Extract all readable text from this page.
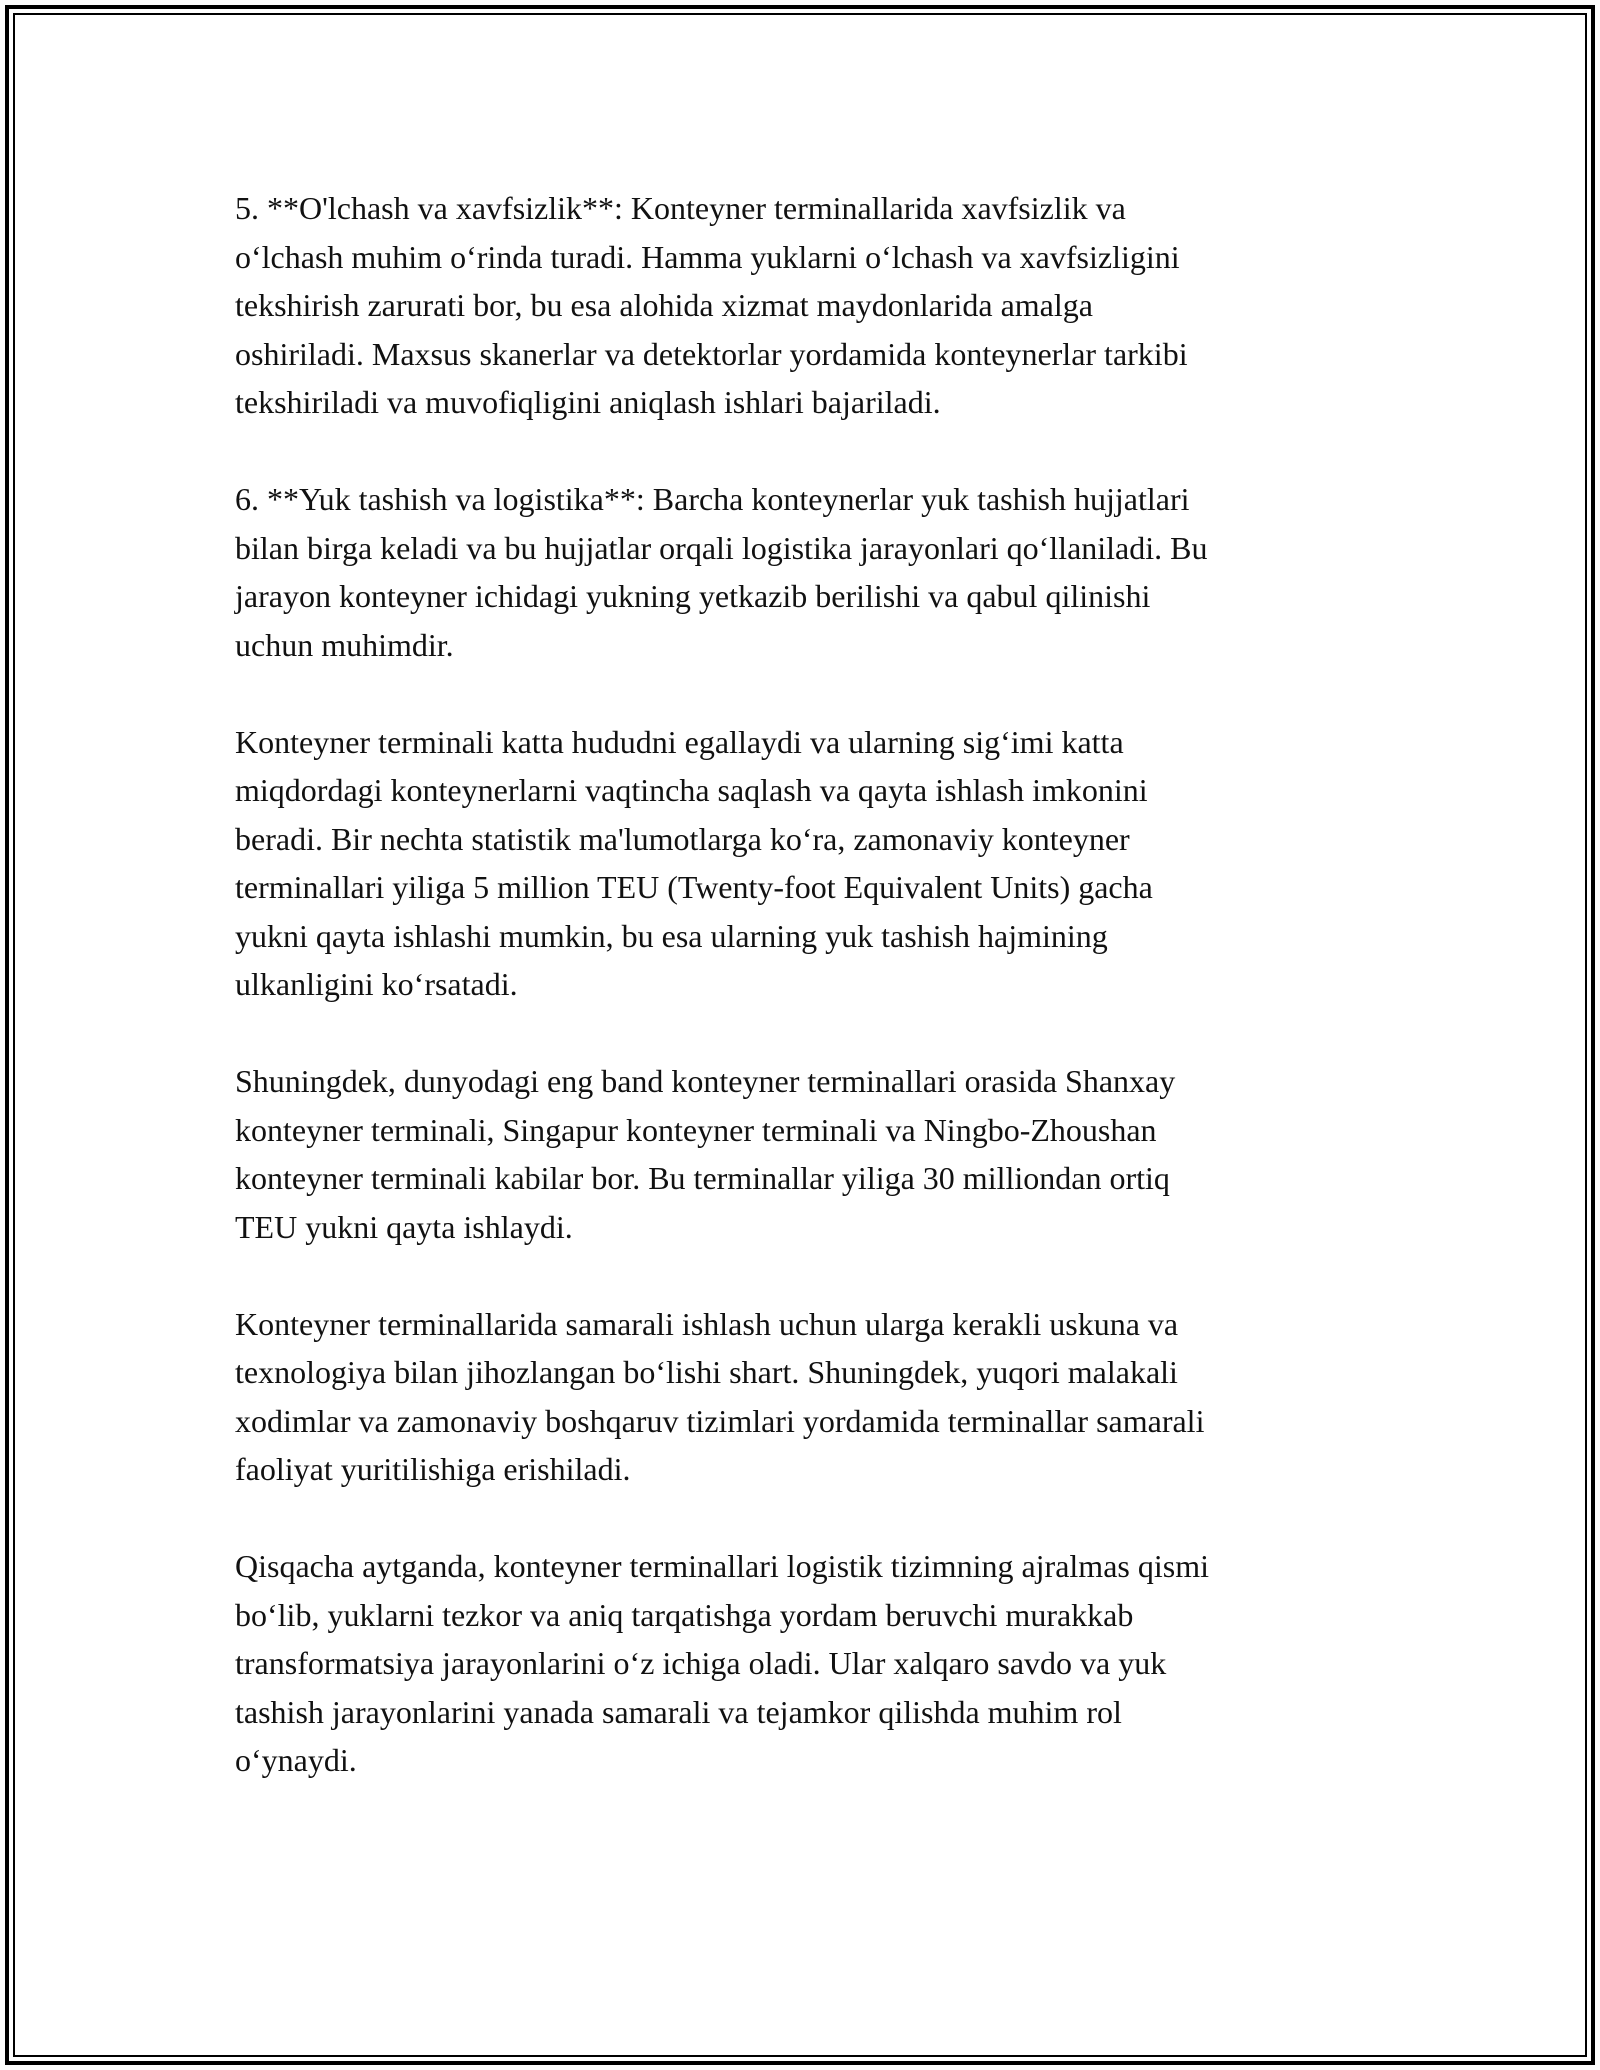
5. **O'lchash va xavfsizlik**: Konteyner terminallarida xavfsizlik va
o‘lchash muhim o‘rinda turadi. Hamma yuklarni o‘lchash va xavfsizligini
tekshirish zarurati bor, bu esa alohida xizmat maydonlarida amalga
oshiriladi. Maxsus skanerlar va detektorlar yordamida konteynerlar tarkibi
tekshiriladi va muvofiqligini aniqlash ishlari bajariladi.

6. **Yuk tashish va logistika**: Barcha konteynerlar yuk tashish hujjatlari
bilan birga keladi va bu hujjatlar orqali logistika jarayonlari qo‘llaniladi. Bu
jarayon konteyner ichidagi yukning yetkazib berilishi va qabul qilinishi
uchun muhimdir.

Konteyner terminali katta hududni egallaydi va ularning sig‘imi katta
miqdordagi konteynerlarni vaqtincha saqlash va qayta ishlash imkonini
beradi. Bir nechta statistik ma'lumotlarga ko‘ra, zamonaviy konteyner
terminallari yiliga 5 million TEU (Twenty-foot Equivalent Units) gacha
yukni qayta ishlashi mumkin, bu esa ularning yuk tashish hajmining
ulkanligini ko‘rsatadi.

Shuningdek, dunyodagi eng band konteyner terminallari orasida Shanxay
konteyner terminali, Singapur konteyner terminali va Ningbo-Zhoushan
konteyner terminali kabilar bor. Bu terminallar yiliga 30 milliondan ortiq
TEU yukni qayta ishlaydi.

Konteyner terminallarida samarali ishlash uchun ularga kerakli uskuna va
texnologiya bilan jihozlangan bo‘lishi shart. Shuningdek, yuqori malakali
xodimlar va zamonaviy boshqaruv tizimlari yordamida terminallar samarali
faoliyat yuritilishiga erishiladi.

Qisqacha aytganda, konteyner terminallari logistik tizimning ajralmas qismi
bo‘lib, yuklarni tezkor va aniq tarqatishga yordam beruvchi murakkab
transformatsiya jarayonlarini o‘z ichiga oladi. Ular xalqaro savdo va yuk
tashish jarayonlarini yanada samarali va tejamkor qilishda muhim rol
o‘ynaydi.
